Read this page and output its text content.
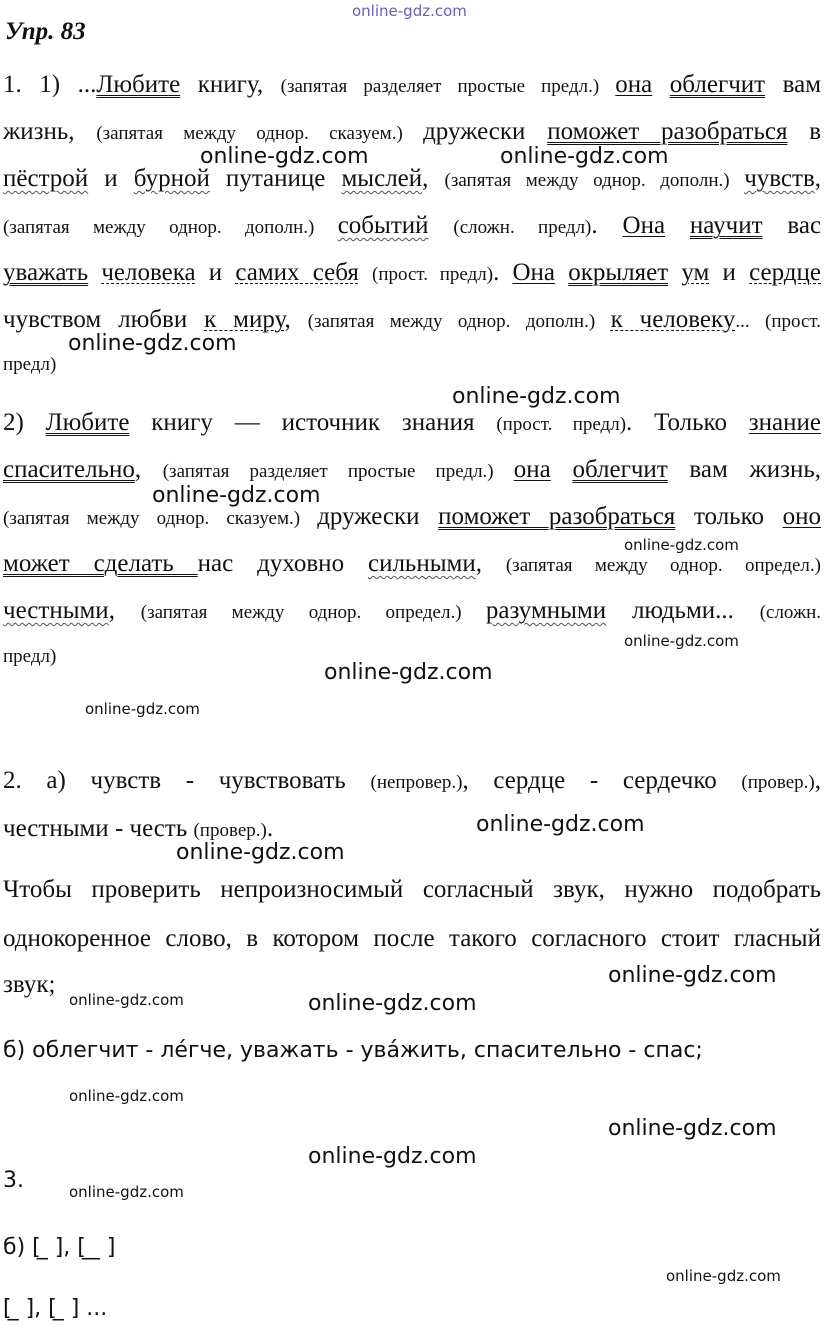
online-gdz.com
Упр. 83

1. 1) ...Любите книгу, (запятая разделяет простые предл.) она облегчит вам

жизнь, (запятая между однор. сказуем.) дружески поможет разобраться в

online-gdz.com	online-gdz.com

пёстрой и бурной путанице мыслей, (запятая между однор. дополн.) чувств,

(запятая между однор. дополн.) событий (сложн. предл). Она научит вас

уважать человека и самих себя (прост. предл). Она окрыляет ум и сердце

чувством любви к миру, (запятая между однор. дополн.) к человеку... (прост.

online-gdz.com

предл)

online-gdz.com

2) Любите книгу — источник знания (прост. предл). Только знание

спасительно, (запятая разделяет простые предл.) она облегчит вам жизнь,

online-gdz.com

(запятая между однор. сказуем.) дружески поможет разобраться только оно

online-gdz.com

может сделать нас духовно сильными, (запятая между однор. определ.)

честными, (запятая между однор. определ.) разумными людьми... (сложн.

online-gdz.com

предл)

online-gdz.com
online-gdz.com

2. а) чувств - чувствовать (непровер.), сердце - сердечко (провер.),

online-gdz.com

честными - честь (провер.).

online-gdz.com

Чтобы проверить непроизносимый согласный звук, нужно подобрать

однокоренное слово, в котором после такого согласного стоит гласный

online-gdz.com

звук;

online-gdz.com	online-gdz.com

б) облегчит - ле́гче, уважать - ува́жить, спасительно - спас;

online-gdz.com
online-gdz.com
online-gdz.com

3.	online-gdz.com

б) [ ̲ ], [ ̲ ̲ ]

online-gdz.com

[ ̲ ], [ ̲ ] ...
